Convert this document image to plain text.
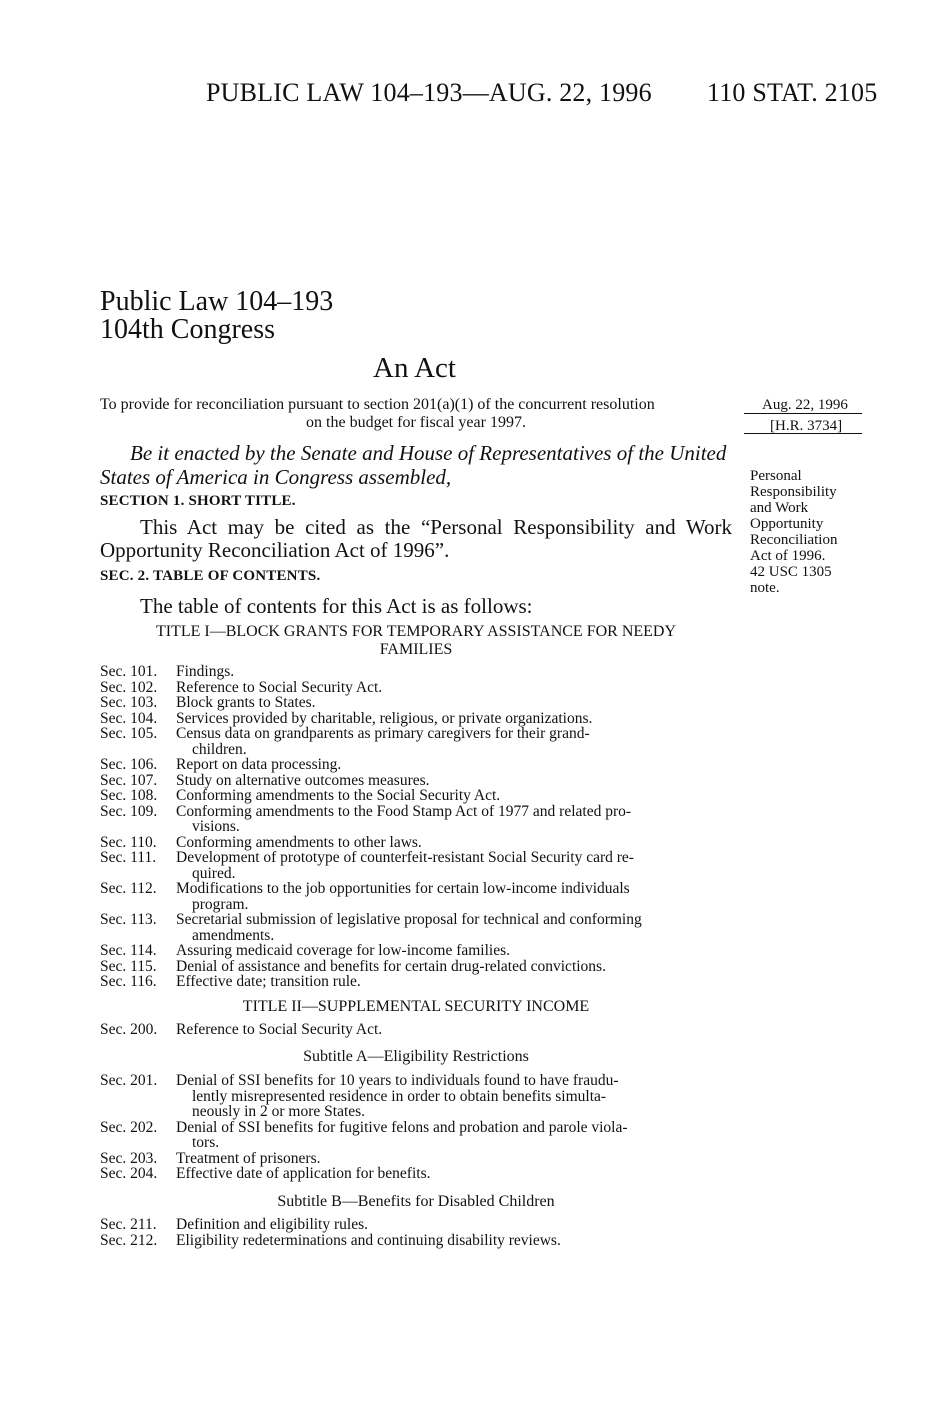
PUBLIC LAW 104–193—AUG. 22, 1996 110 STAT. 2105
Public Law 104–193
104th Congress
An Act
To provide for reconciliation pursuant to section 201(a)(1) of the concurrent resolution
on the budget for fiscal year 1997.
Aug. 22, 1996
[H.R. 3734]
Personal
Responsibility
and Work
Opportunity
Reconciliation
Act of 1996.
42 USC 1305
note.
Be it enacted by the Senate and House of Representatives of the United States of America in Congress assembled,
SECTION 1. SHORT TITLE.
This Act may be cited as the “Personal Responsibility and Work Opportunity Reconciliation Act of 1996”.
SEC. 2. TABLE OF CONTENTS.
The table of contents for this Act is as follows:
TITLE I—BLOCK GRANTS FOR TEMPORARY ASSISTANCE FOR NEEDY
FAMILIES
Sec. 101.	Findings.
Sec. 102.	Reference to Social Security Act.
Sec. 103.	Block grants to States.
Sec. 104.	Services provided by charitable, religious, or private organizations.
Sec. 105.	Census data on grandparents as primary caregivers for their grand-
children.
Sec. 106.	Report on data processing.
Sec. 107.	Study on alternative outcomes measures.
Sec. 108.	Conforming amendments to the Social Security Act.
Sec. 109.	Conforming amendments to the Food Stamp Act of 1977 and related pro-
visions.
Sec. 110.	Conforming amendments to other laws.
Sec. 111.	Development of prototype of counterfeit-resistant Social Security card re-
quired.
Sec. 112.	Modifications to the job opportunities for certain low-income individuals
program.
Sec. 113.	Secretarial submission of legislative proposal for technical and conforming
amendments.
Sec. 114.	Assuring medicaid coverage for low-income families.
Sec. 115.	Denial of assistance and benefits for certain drug-related convictions.
Sec. 116.	Effective date; transition rule.
TITLE II—SUPPLEMENTAL SECURITY INCOME
Sec. 200.	Reference to Social Security Act.
Subtitle A—Eligibility Restrictions
Sec. 201.	Denial of SSI benefits for 10 years to individuals found to have fraudu-
lently misrepresented residence in order to obtain benefits simulta-
neously in 2 or more States.
Sec. 202.	Denial of SSI benefits for fugitive felons and probation and parole viola-
tors.
Sec. 203.	Treatment of prisoners.
Sec. 204.	Effective date of application for benefits.
Subtitle B—Benefits for Disabled Children
Sec. 211.	Definition and eligibility rules.
Sec. 212.	Eligibility redeterminations and continuing disability reviews.
